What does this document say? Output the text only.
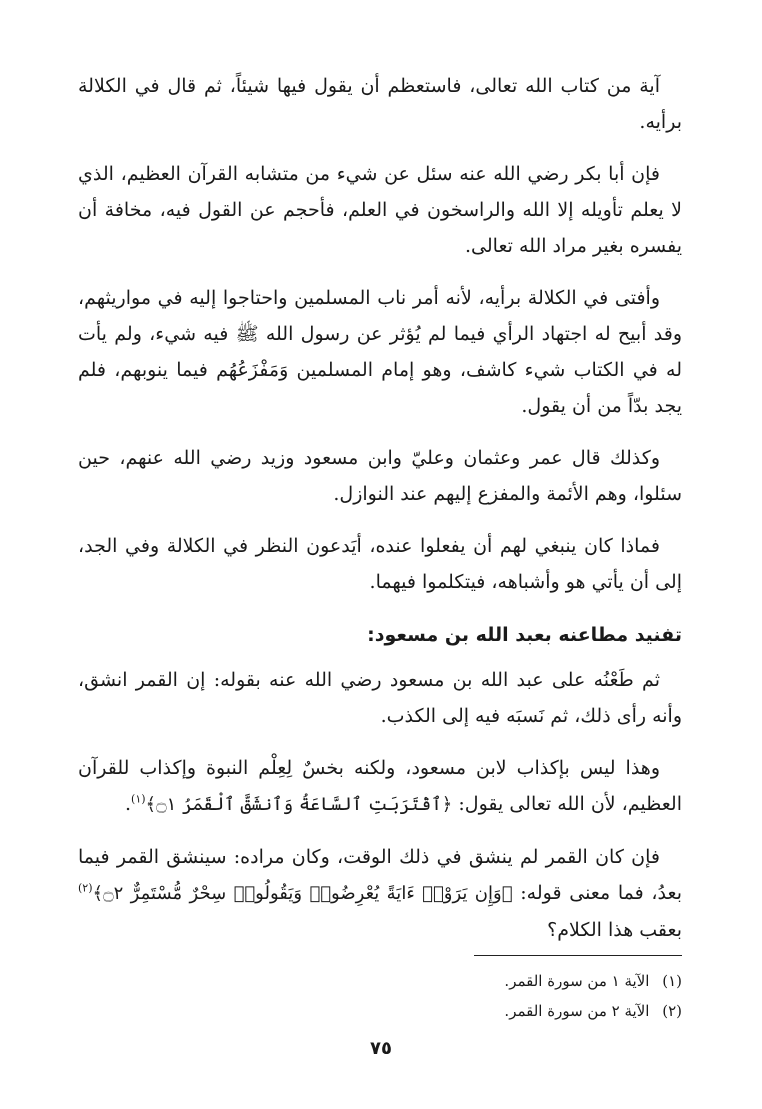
آية من كتاب الله تعالى، فاستعظم أن يقول فيها شيئاً، ثم قال في الكلالة برأيه.

فإن أبا بكر رضي الله عنه سئل عن شيء من متشابه القرآن العظيم، الذي لا يعلم تأويله إلا الله والراسخون في العلم، فأحجم عن القول فيه، مخافة أن يفسره بغير مراد الله تعالى.

وأفتى في الكلالة برأيه، لأنه أمر ناب المسلمين واحتاجوا إليه في مواريثهم، وقد أبيح له اجتهاد الرأي فيما لم يُؤثر عن رسول الله ﷺ فيه شيء، ولم يأت له في الكتاب شيء كاشف، وهو إمام المسلمين وَمَفْزَعُهُم فيما ينوبهم، فلم يجد بدّاً من أن يقول.

وكذلك قال عمر وعثمان وعليّ وابن مسعود وزيد رضي الله عنهم، حين سئلوا، وهم الأئمة والمفزع إليهم عند النوازل.

فماذا كان ينبغي لهم أن يفعلوا عنده، أيَدعون النظر في الكلالة وفي الجد، إلى أن يأتي هو وأشباهه، فيتكلموا فيهما.

تفنيد مطاعنه بعبد الله بن مسعود:

ثم طَعْنُه على عبد الله بن مسعود رضي الله عنه بقوله: إن القمر انشق، وأنه رأى ذلك، ثم نَسبَه فيه إلى الكذب.

وهذا ليس بإكذاب لابن مسعود، ولكنه بخسٌ لِعِلْم النبوة وإكذاب للقرآن العظيم، لأن الله تعالى يقول: ﴿ٱقْتَرَبَتِ ٱلسَّاعَةُ وَٱنشَقَّ ٱلْقَمَرُ ۝١﴾$^{(١)}$.

فإن كان القمر لم ينشق في ذلك الوقت، وكان مراده: سينشق القمر فيما بعدُ، فما معنى قوله: ﴿وَإِن يَرَوْا۟ ءَايَةً يُعْرِضُوا۟ وَيَقُولُوا۟ سِحْرٌ مُّسْتَمِرٌّ ۝٢﴾$^{(٢)}$ بعقب هذا الكلام؟

(١) الآية ١ من سورة القمر.
(٢) الآية ٢ من سورة القمر.
٧٥
